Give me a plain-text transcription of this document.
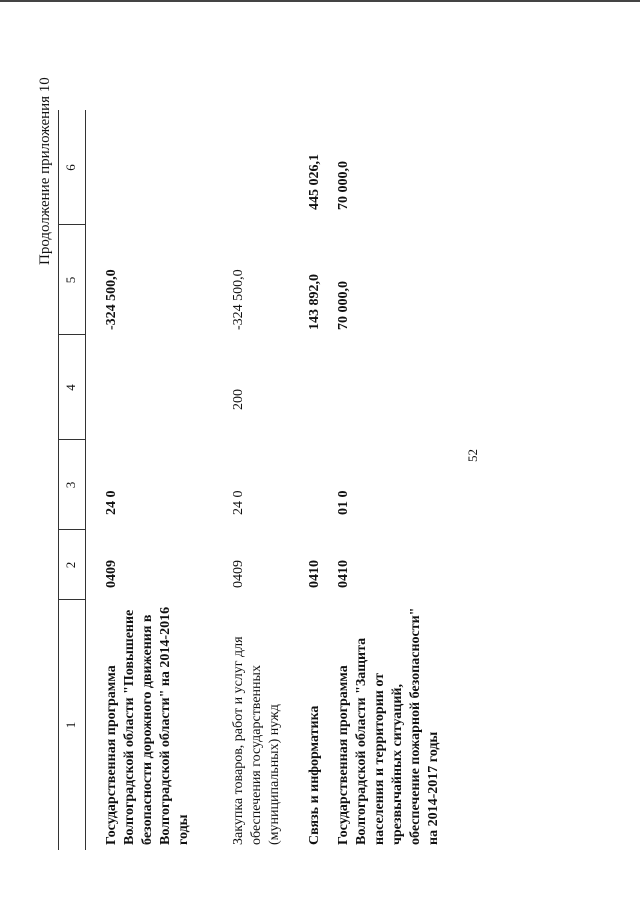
52
Продолжение приложения 10
1
2
3
4
5
6
Государственная программа Волгоградской области "Повышение безопасности дорожного движения в Волгоградской области" на 2014-2016 годы
0409
24 0
-324 500,0
Закупка товаров, работ и услуг для обеспечения государственных (муниципальных) нужд
0409
24 0
200
-324 500,0
Связь и информатика
0410
143 892,0
445 026,1
Государственная программа Волгоградской области "Защита населения и территории от чрезвычайных ситуаций, обеспечение пожарной безопасности" на 2014-2017 годы
0410
01 0
70 000,0
70 000,0
